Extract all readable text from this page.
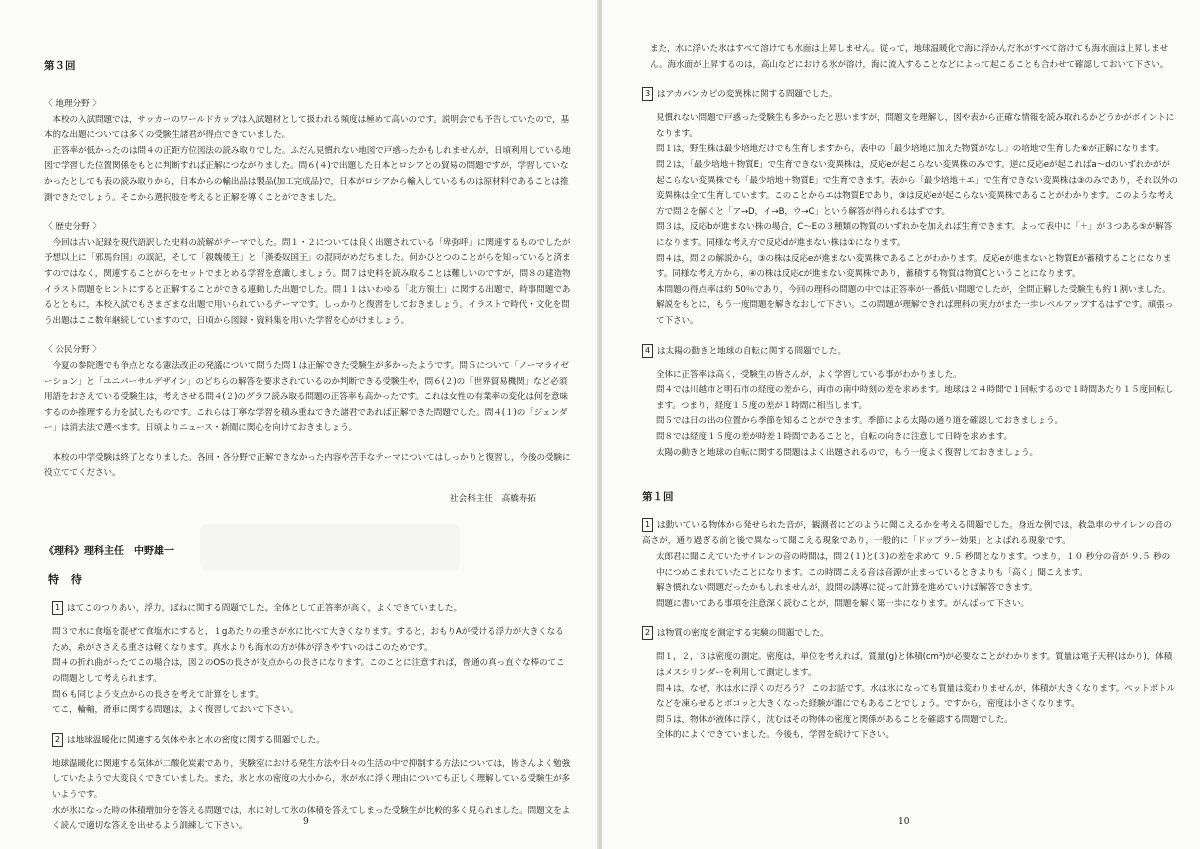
第３回

〈 地理分野 〉

　本校の入試問題では，サッカーのワールドカップは入試題材として扱われる頻度は極めて高いのです。説明会でも予告していたので，基本的な出題については多くの受験生諸君が得点できていました。

　正答率が低かったのは問４の正距方位図法の読み取りでした。ふだん見慣れない地図で戸惑ったかもしれませんが，日頃利用している地図で学習した位置関係をもとに判断すれば正解につながりました。問６(４)で出題した日本とロシアとの貿易の問題ですが，学習していなかったとしても表の読み取りから，日本からの輸出品は製品(加工完成品)で，日本がロシアから輸入しているものは原材料であることは推測できたでしょう。そこから選択肢を考えると正解を導くことができました。

〈 歴史分野 〉

　今回は古い記録を現代語訳した史料の読解がテーマでした。問１・２については良く出題されている「卑弥呼」に関連するものでしたが予想以上に「邪馬台国」の誤記，そして「親魏倭王」と「漢委奴国王」の混同がめだちました。何かひとつのことがらを知っていると済ますのではなく，関連することがらをセットでまとめる学習を意識しましょう。問７は史料を読み取ることは難しいのですが，問８の建造物イラスト問題をヒントにすると正解することができる連動した出題でした。問１１はいわゆる「北方領土」に関する出題で，時事問題であるとともに，本校入試でもさまざまな出題で用いられているテーマです。しっかりと復習をしておきましょう。イラストで時代・文化を問う出題はここ数年継続していますので，日頃から図録・資料集を用いた学習を心がけましょう。

〈 公民分野 〉

　今夏の参院選でも争点となる憲法改正の発議について問うた問１は正解できた受験生が多かったようです。問５について「ノーマライゼーション」と「ユニバーサルデザイン」のどちらの解答を要求されているのか判断できる受験生や，問６(２)の「世界貿易機関」など必須用語をおさえている受験生は，考えさせる問４(２)のグラフ読み取る問題の正答率も高かったです。これは女性の有業率の変化は何を意味するのか推理する力を試したものです。これらは丁寧な学習を積み重ねてきた諸君であれば正解できた問題でした。問４(１)の「ジェンダー」は消去法で選べます。日頃よりニュース・新聞に関心を向けておきましょう。

　本校の中学受験は終了となりました。各回・各分野で正解できなかった内容や苦手なテーマについてはしっかりと復習し，今後の受験に役立ててください。

社会科主任　高橋寿拓

《理科》理科主任　中野雄一

特 待

1 はてこのつりあい，浮力，ばねに関する問題でした。全体として正答率が高く，よくできていました。

問３で水に食塩を混ぜて食塩水にすると，１gあたりの重さが水に比べて大きくなります。すると，おもりAが受ける浮力が大きくなるため，糸がささえる重さは軽くなります。真水よりも海水の方が体が浮きやすいのはこのためです。

問４の折れ曲がったてこの場合は，図２のOSの長さが支点からの長さになります。このことに注意すれば，普通の真っ直ぐな棒のてこの問題として考えられます。

問６も同じよう支点からの長さを考えて計算をします。

てこ，輪軸，滑車に関する問題は，よく復習しておいて下さい。

2 は地球温暖化に関連する気体や氷と水の密度に関する問題でした。

地球温暖化に関連する気体が二酸化炭素であり，実験室における発生方法や日々の生活の中で抑制する方法については，皆さんよく勉強していたようで大変良くできていました。また，氷と水の密度の大小から，氷が水に浮く理由についても正しく理解している受験生が多いようです。

水が氷になった時の体積増加分を答える問題では，水に対して氷の体積を答えてしまった受験生が比較的多く見られました。問題文をよく読んで適切な答えを出せるよう訓練して下さい。	9

また，水に浮いた氷はすべて溶けても水面は上昇しません。従って，地球温暖化で海に浮かんだ氷がすべて溶けても海水面は上昇しません。海水面が上昇するのは，高山などにおける氷が溶け，海に流入することなどによって起こることも合わせて確認しておいて下さい。

3 はアカパンカビの変異株に関する問題でした。

見慣れない問題で戸惑った受験生も多かったと思いますが，問題文を理解し，図や表から正確な情報を読み取れるかどうかがポイントになります。

問１は，野生株は最少培地だけでも生育しますから，表中の「最少培地に加えた物質がなし」の培地で生育した⑥が正解になります。

問２は，「最少培地＋物質E」で生育できない変異株は，反応eが起こらない変異株のみです。逆に反応eが起こればa〜dのいずれかがが起こらない変異株でも「最少培地＋物質E」で生育できます。表から「最少培地＋エ」で生育できない変異株は③のみであり，それ以外の変異株は全て生育しています。このことからエは物質Eであり，③は反応eが起こらない変異株であることがわかります。このような考え方で問２を解くと「ア→D，イ→B，ウ→C」という解答が得られるはずです。

問３は，反応bが進まない株の場合，C〜Eの３種類の物質のいずれかを加えれば生育できます。よって表中に「＋」が３つある⑤が解答になります。同様な考え方で反応dが進まない株は①になります。

問４は，問２の解説から，③の株は反応eが進まない変異株であることがわかります。反応eが進まないと物質Eが蓄積することになります。同様な考え方から，④の株は反応cが進まない変異株であり，蓄積する物質は物質Cということになります。

本問題の得点率は約 50％であり，今回の理科の問題の中では正答率が一番低い問題でしたが，全問正解した受験生も約１割いました。解説をもとに，もう一度問題を解きなおして下さい。この問題が理解できれば理科の実力がまた一歩レベルアップするはずです。頑張って下さい。

4 は太陽の動きと地球の自転に関する問題でした。

全体に正答率は高く，受験生の皆さんが，よく学習している事がわかりました。

問４では川越市と明石市の経度の差から，両市の南中時刻の差を求めます。地球は２４時間で１回転するので１時間あたり１５度回転します。つまり，経度１５度の差が１時間に相当します。

問５では日の出の位置から季節を知ることができます。季節による太陽の通り道を確認しておきましょう。

問８では経度１５度の差が時差１時間であることと，自転の向きに注意して日時を求めます。

太陽の動きと地球の自転に関する問題はよく出題されるので，もう一度よく復習しておきましょう。

第１回

1 は動いている物体から発せられた音が，観測者にどのように聞こえるかを考える問題でした。身近な例では，救急車のサイレンの音の高さが，通り過ぎる前と後で異なって聞こえる現象であり，一般的に「ドップラー効果」とよばれる現象です。

太郎君に聞こえていたサイレンの音の時間は，問２(１)と(３)の差を求めて ９.５ 秒間となります。つまり，１０ 秒分の音が ９.５ 秒の中につめこまれていたことになります。この時間こえる音は音源が止まっているときよりも「高く」聞こえます。

解き慣れない問題だったかもしれませんが，設問の誘導に従って計算を進めていけば解答できます。

問題に書いてある事項を注意深く読むことが，問題を解く第一歩になります。がんばって下さい。

2 は物質の密度を測定する実験の問題でした。

問１，２，３は密度の測定。密度は，単位を考えれば，質量(g)と体積(cm³)が必要なことがわかります。質量は電子天秤(はかり)，体積はメスシリンダーを利用して測定します。

問４は，なぜ，氷は水に浮くのだろう？ このお話です。水は氷になっても質量は変わりませんが，体積が大きくなります。ペットボトルなどを凍らせるとボコッと大きくなった経験が誰にでもあることでしょう。ですから，密度は小さくなります。

問５は，物体が液体に浮く，沈むはその物体の密度と関係があることを確認する問題でした。

全体的によくできていました。今後も，学習を続けて下さい。

10
